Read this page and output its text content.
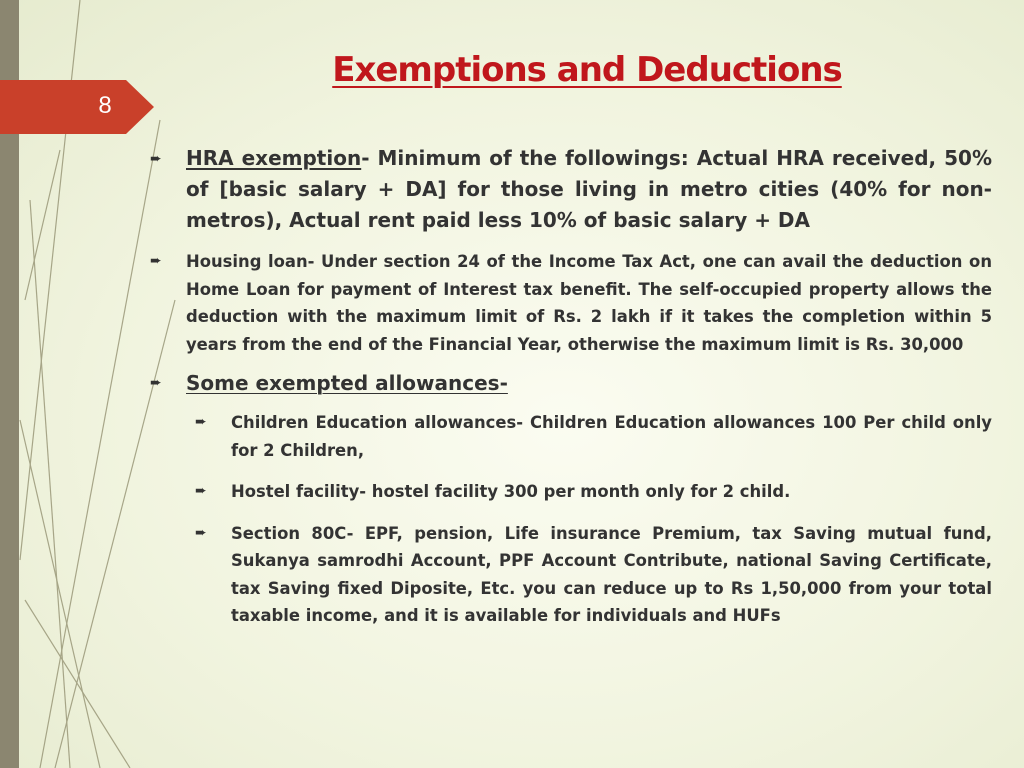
8
Exemptions and Deductions
➨ HRA exemption- Minimum of the followings: Actual HRA received, 50% of [basic salary + DA] for those living in metro cities (40% for non-metros), Actual rent paid less 10% of basic salary + DA
➨ Housing loan- Under section 24 of the Income Tax Act, one can avail the deduction on Home Loan for payment of Interest tax benefit. The self-occupied property allows the deduction with the maximum limit of Rs. 2 lakh if it takes the completion within 5 years from the end of the Financial Year, otherwise the maximum limit is Rs. 30,000
➨ Some exempted allowances-
➨ Children Education allowances- Children Education allowances 100 Per child only for 2 Children,
➨ Hostel facility- hostel facility 300 per month only for 2 child.
➨ Section 80C- EPF, pension, Life insurance Premium, tax Saving mutual fund, Sukanya samrodhi Account, PPF Account Contribute, national Saving Certificate, tax Saving fixed Diposite, Etc. you can reduce up to Rs 1,50,000 from your total taxable income, and it is available for individuals and HUFs
